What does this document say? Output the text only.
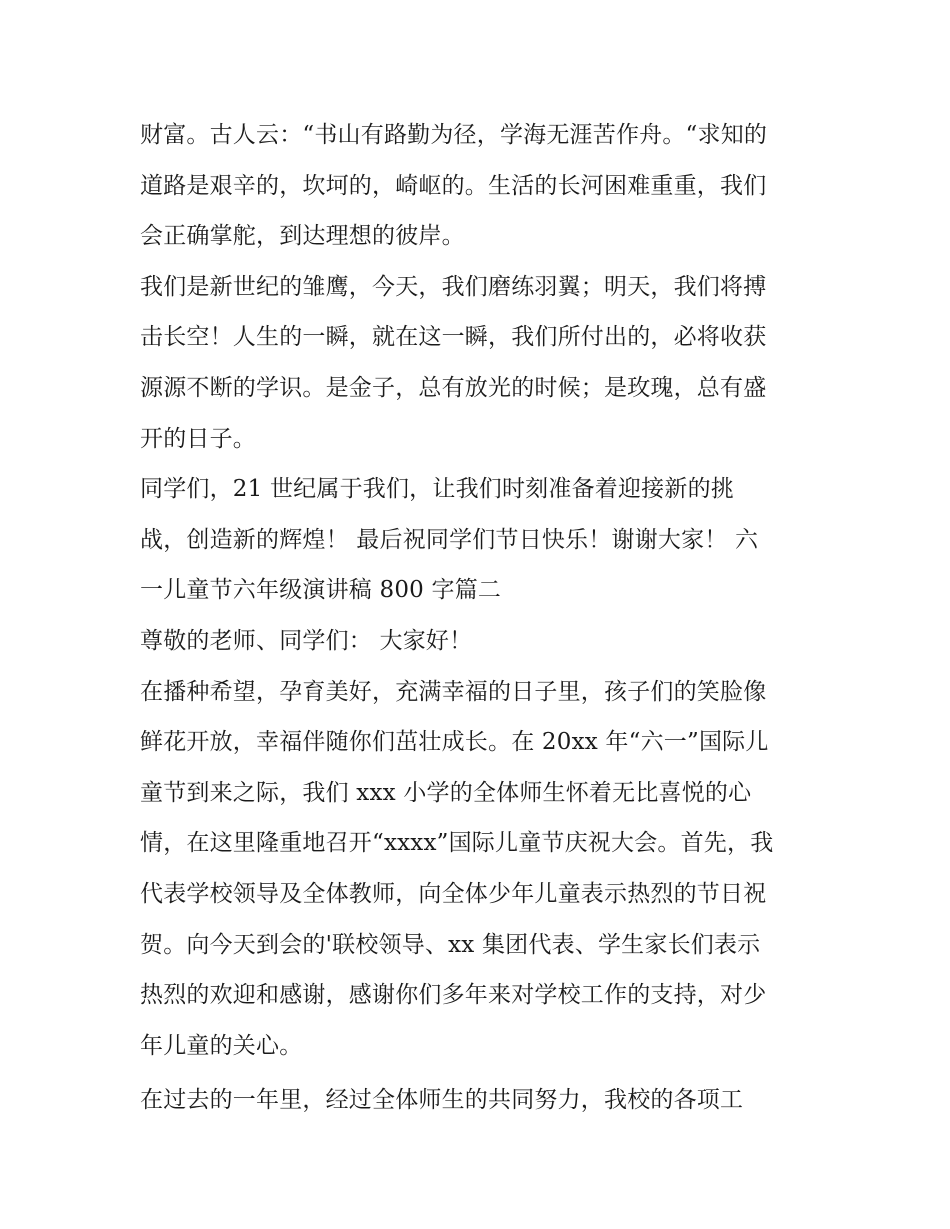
财富。古人云：“书山有路勤为径，学海无涯苦作舟。“求知的
道路是艰辛的，坎坷的，崎岖的。生活的长河困难重重，我们
会正确掌舵，到达理想的彼岸。
我们是新世纪的雏鹰，今天，我们磨练羽翼；明天，我们将搏
击长空！人生的一瞬，就在这一瞬，我们所付出的，必将收获
源源不断的学识。是金子，总有放光的时候；是玫瑰，总有盛
开的日子。
同学们，21 世纪属于我们，让我们时刻准备着迎接新的挑
战，创造新的辉煌！ 最后祝同学们节日快乐！谢谢大家！ 六
一儿童节六年级演讲稿 800 字篇二
尊敬的老师、同学们： 大家好！
在播种希望，孕育美好，充满幸福的日子里，孩子们的笑脸像
鲜花开放，幸福伴随你们茁壮成长。在 20xx 年“六一”国际儿
童节到来之际，我们 xxx 小学的全体师生怀着无比喜悦的心
情，在这里隆重地召开“xxxx”国际儿童节庆祝大会。首先，我
代表学校领导及全体教师，向全体少年儿童表示热烈的节日祝
贺。向今天到会的'联校领导、xx 集团代表、学生家长们表示
热烈的欢迎和感谢，感谢你们多年来对学校工作的支持，对少
年儿童的关心。
在过去的一年里，经过全体师生的共同努力，我校的各项工
